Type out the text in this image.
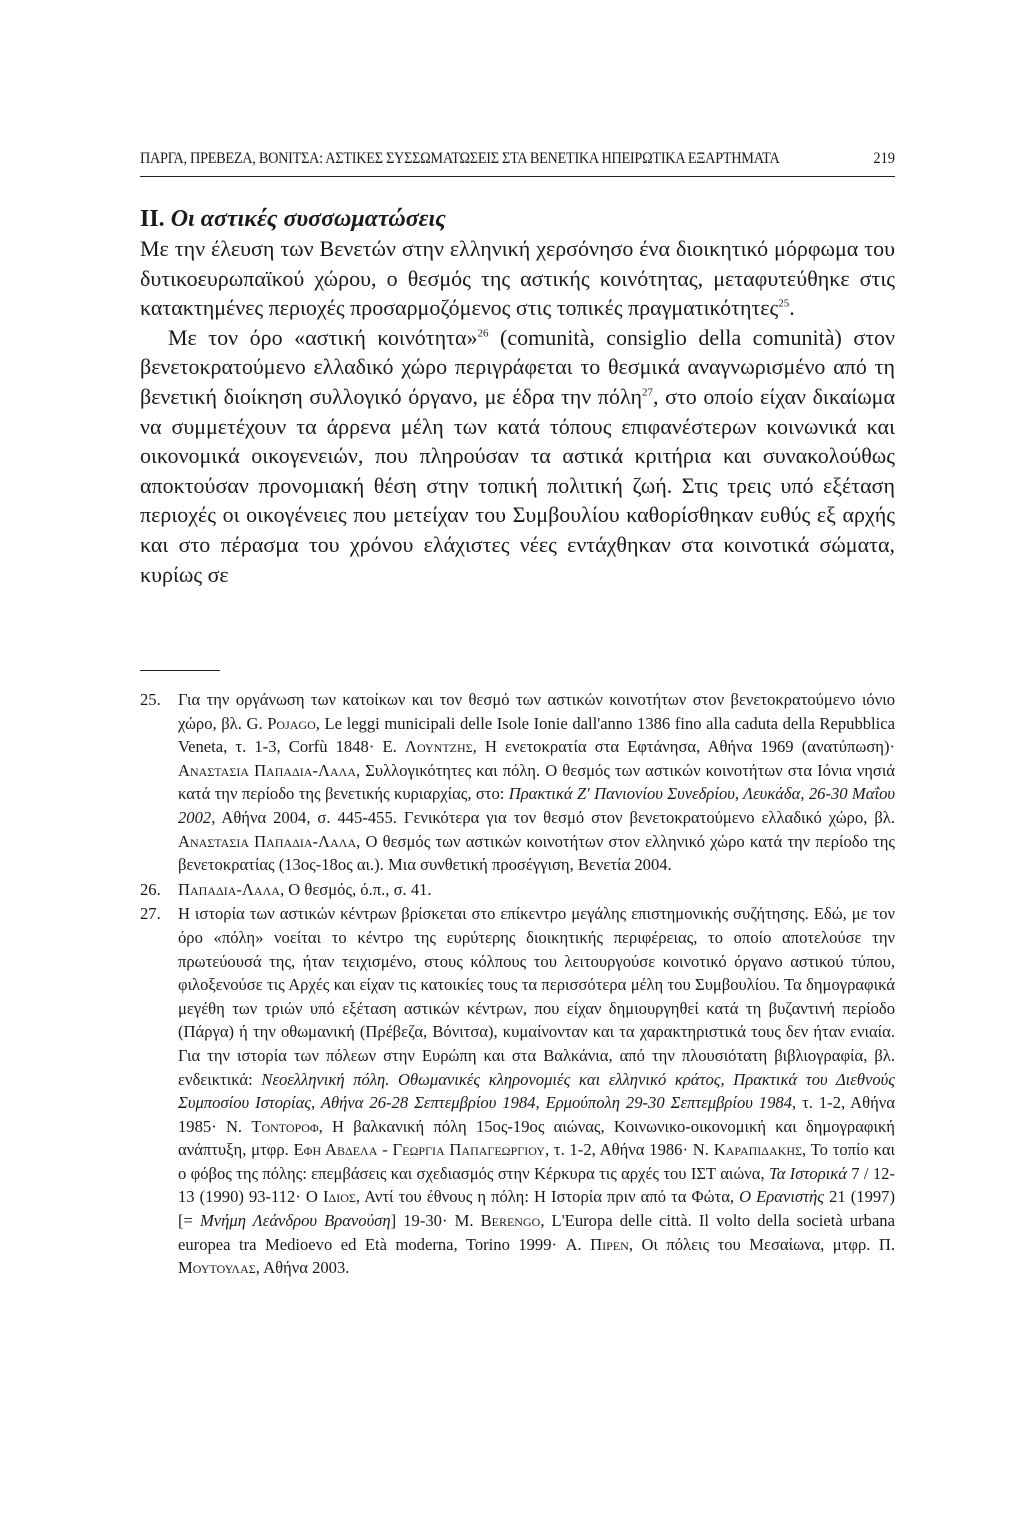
ΠΑΡΓΑ, ΠΡΕΒΕΖΑ, ΒΟΝΙΤΣΑ: ΑΣΤΙΚΕΣ ΣΥΣΣΩΜΑΤΩΣΕΙΣ ΣΤΑ ΒΕΝΕΤΙΚΑ ΗΠΕΙΡΩΤΙΚΑ ΕΞΑΡΤΗΜΑΤΑ	219
ΙΙ. Οι αστικές συσσωματώσεις

Με την έλευση των Βενετών στην ελληνική χερσόνησο ένα διοικητικό μόρφωμα του δυτικοευρωπαϊκού χώρου, ο θεσμός της αστικής κοινότητας, μεταφυτεύθηκε στις κατακτημένες περιοχές προσαρμοζόμενος στις τοπικές πραγματικότητες$^{25}$.

Με τον όρο «αστική κοινότητα»$^{26}$ (comunità, consiglio della comunità) στον βενετοκρατούμενο ελλαδικό χώρο περιγράφεται το θεσμικά αναγνωρισμένο από τη βενετική διοίκηση συλλογικό όργανο, με έδρα την πόλη$^{27}$, στο οποίο είχαν δικαίωμα να συμμετέχουν τα άρρενα μέλη των κατά τόπους επιφανέστερων κοινωνικά και οικονομικά οικογενειών, που πληρούσαν τα αστικά κριτήρια και συνακολούθως αποκτούσαν προνομιακή θέση στην τοπική πολιτική ζωή. Στις τρεις υπό εξέταση περιοχές οι οικογένειες που μετείχαν του Συμβουλίου καθορίσθηκαν ευθύς εξ αρχής και στο πέρασμα του χρόνου ελάχιστες νέες εντάχθηκαν στα κοινοτικά σώματα, κυρίως σε

25. Για την οργάνωση των κατοίκων και τον θεσμό των αστικών κοινοτήτων στον βενετοκρατούμενο ιόνιο χώρο, βλ. G. Pojago, Le leggi municipali delle Isole Ionie dall'anno 1386 fino alla caduta della Repubblica Veneta, τ. 1-3, Corfù 1848· Ε. Λουντζης, Η ενετοκρατία στα Εφτάνησα, Αθήνα 1969 (ανατύπωση)· Αναστασια Παπαδια-Λαλα, Συλλογικότητες και πόλη. Ο θεσμός των αστικών κοινοτήτων στα Ιόνια νησιά κατά την περίοδο της βενετικής κυριαρχίας, στο: Πρακτικά Ζ' Πανιονίου Συνεδρίου, Λευκάδα, 26-30 Μαΐου 2002, Αθήνα 2004, σ. 445-455. Γενικότερα για τον θεσμό στον βενετοκρατούμενο ελλαδικό χώρο, βλ. Αναστασια Παπαδια-Λαλα, Ο θεσμός των αστικών κοινοτήτων στον ελληνικό χώρο κατά την περίοδο της βενετοκρατίας (13ος-18ος αι.). Μια συνθετική προσέγγιση, Βενετία 2004.

26. Παπαδια-Λαλα, Ο θεσμός, ό.π., σ. 41.

27. Η ιστορία των αστικών κέντρων βρίσκεται στο επίκεντρο μεγάλης επιστημονικής συζήτησης. Εδώ, με τον όρο «πόλη» νοείται το κέντρο της ευρύτερης διοικητικής περιφέρειας, το οποίο αποτελούσε την πρωτεύουσά της, ήταν τειχισμένο, στους κόλπους του λειτουργούσε κοινοτικό όργανο αστικού τύπου, φιλοξενούσε τις Αρχές και είχαν τις κατοικίες τους τα περισσότερα μέλη του Συμβουλίου. Τα δημογραφικά μεγέθη των τριών υπό εξέταση αστικών κέντρων, που είχαν δημιουργηθεί κατά τη βυζαντινή περίοδο (Πάργα) ή την οθωμανική (Πρέβεζα, Βόνιτσα), κυμαίνονταν και τα χαρακτηριστικά τους δεν ήταν ενιαία. Για την ιστορία των πόλεων στην Ευρώπη και στα Βαλκάνια, από την πλουσιότατη βιβλιογραφία, βλ. ενδεικτικά: Νεοελληνική πόλη. Οθωμανικές κληρονομιές και ελληνικό κράτος, Πρακτικά του Διεθνούς Συμποσίου Ιστορίας, Αθήνα 26-28 Σεπτεμβρίου 1984, Ερμούπολη 29-30 Σεπτεμβρίου 1984, τ. 1-2, Αθήνα 1985· Ν. Τοντοροφ, Η βαλκανική πόλη 15ος-19ος αιώνας, Κοινωνικο-οικονομική και δημογραφική ανάπτυξη, μτφρ. Εφη Αβδελα - Γεωργια Παπαγεωργιου, τ. 1-2, Αθήνα 1986· Ν. Καραπιδακης, Το τοπίο και ο φόβος της πόλης: επεμβάσεις και σχεδιασμός στην Κέρκυρα τις αρχές του ΙΣΤ αιώνα, Τα Ιστορικά 7 / 12-13 (1990) 93-112· Ο Ιδιος, Αντί του έθνους η πόλη: Η Ιστορία πριν από τα Φώτα, Ο Ερανιστής 21 (1997) [= Μνήμη Λεάνδρου Βρανούση] 19-30· M. Berengo, L'Europa delle città. Il volto della società urbana europea tra Medioevo ed Età moderna, Torino 1999· Α. Πιρεν, Οι πόλεις του Μεσαίωνα, μτφρ. Π. Μουτουλας, Αθήνα 2003.
